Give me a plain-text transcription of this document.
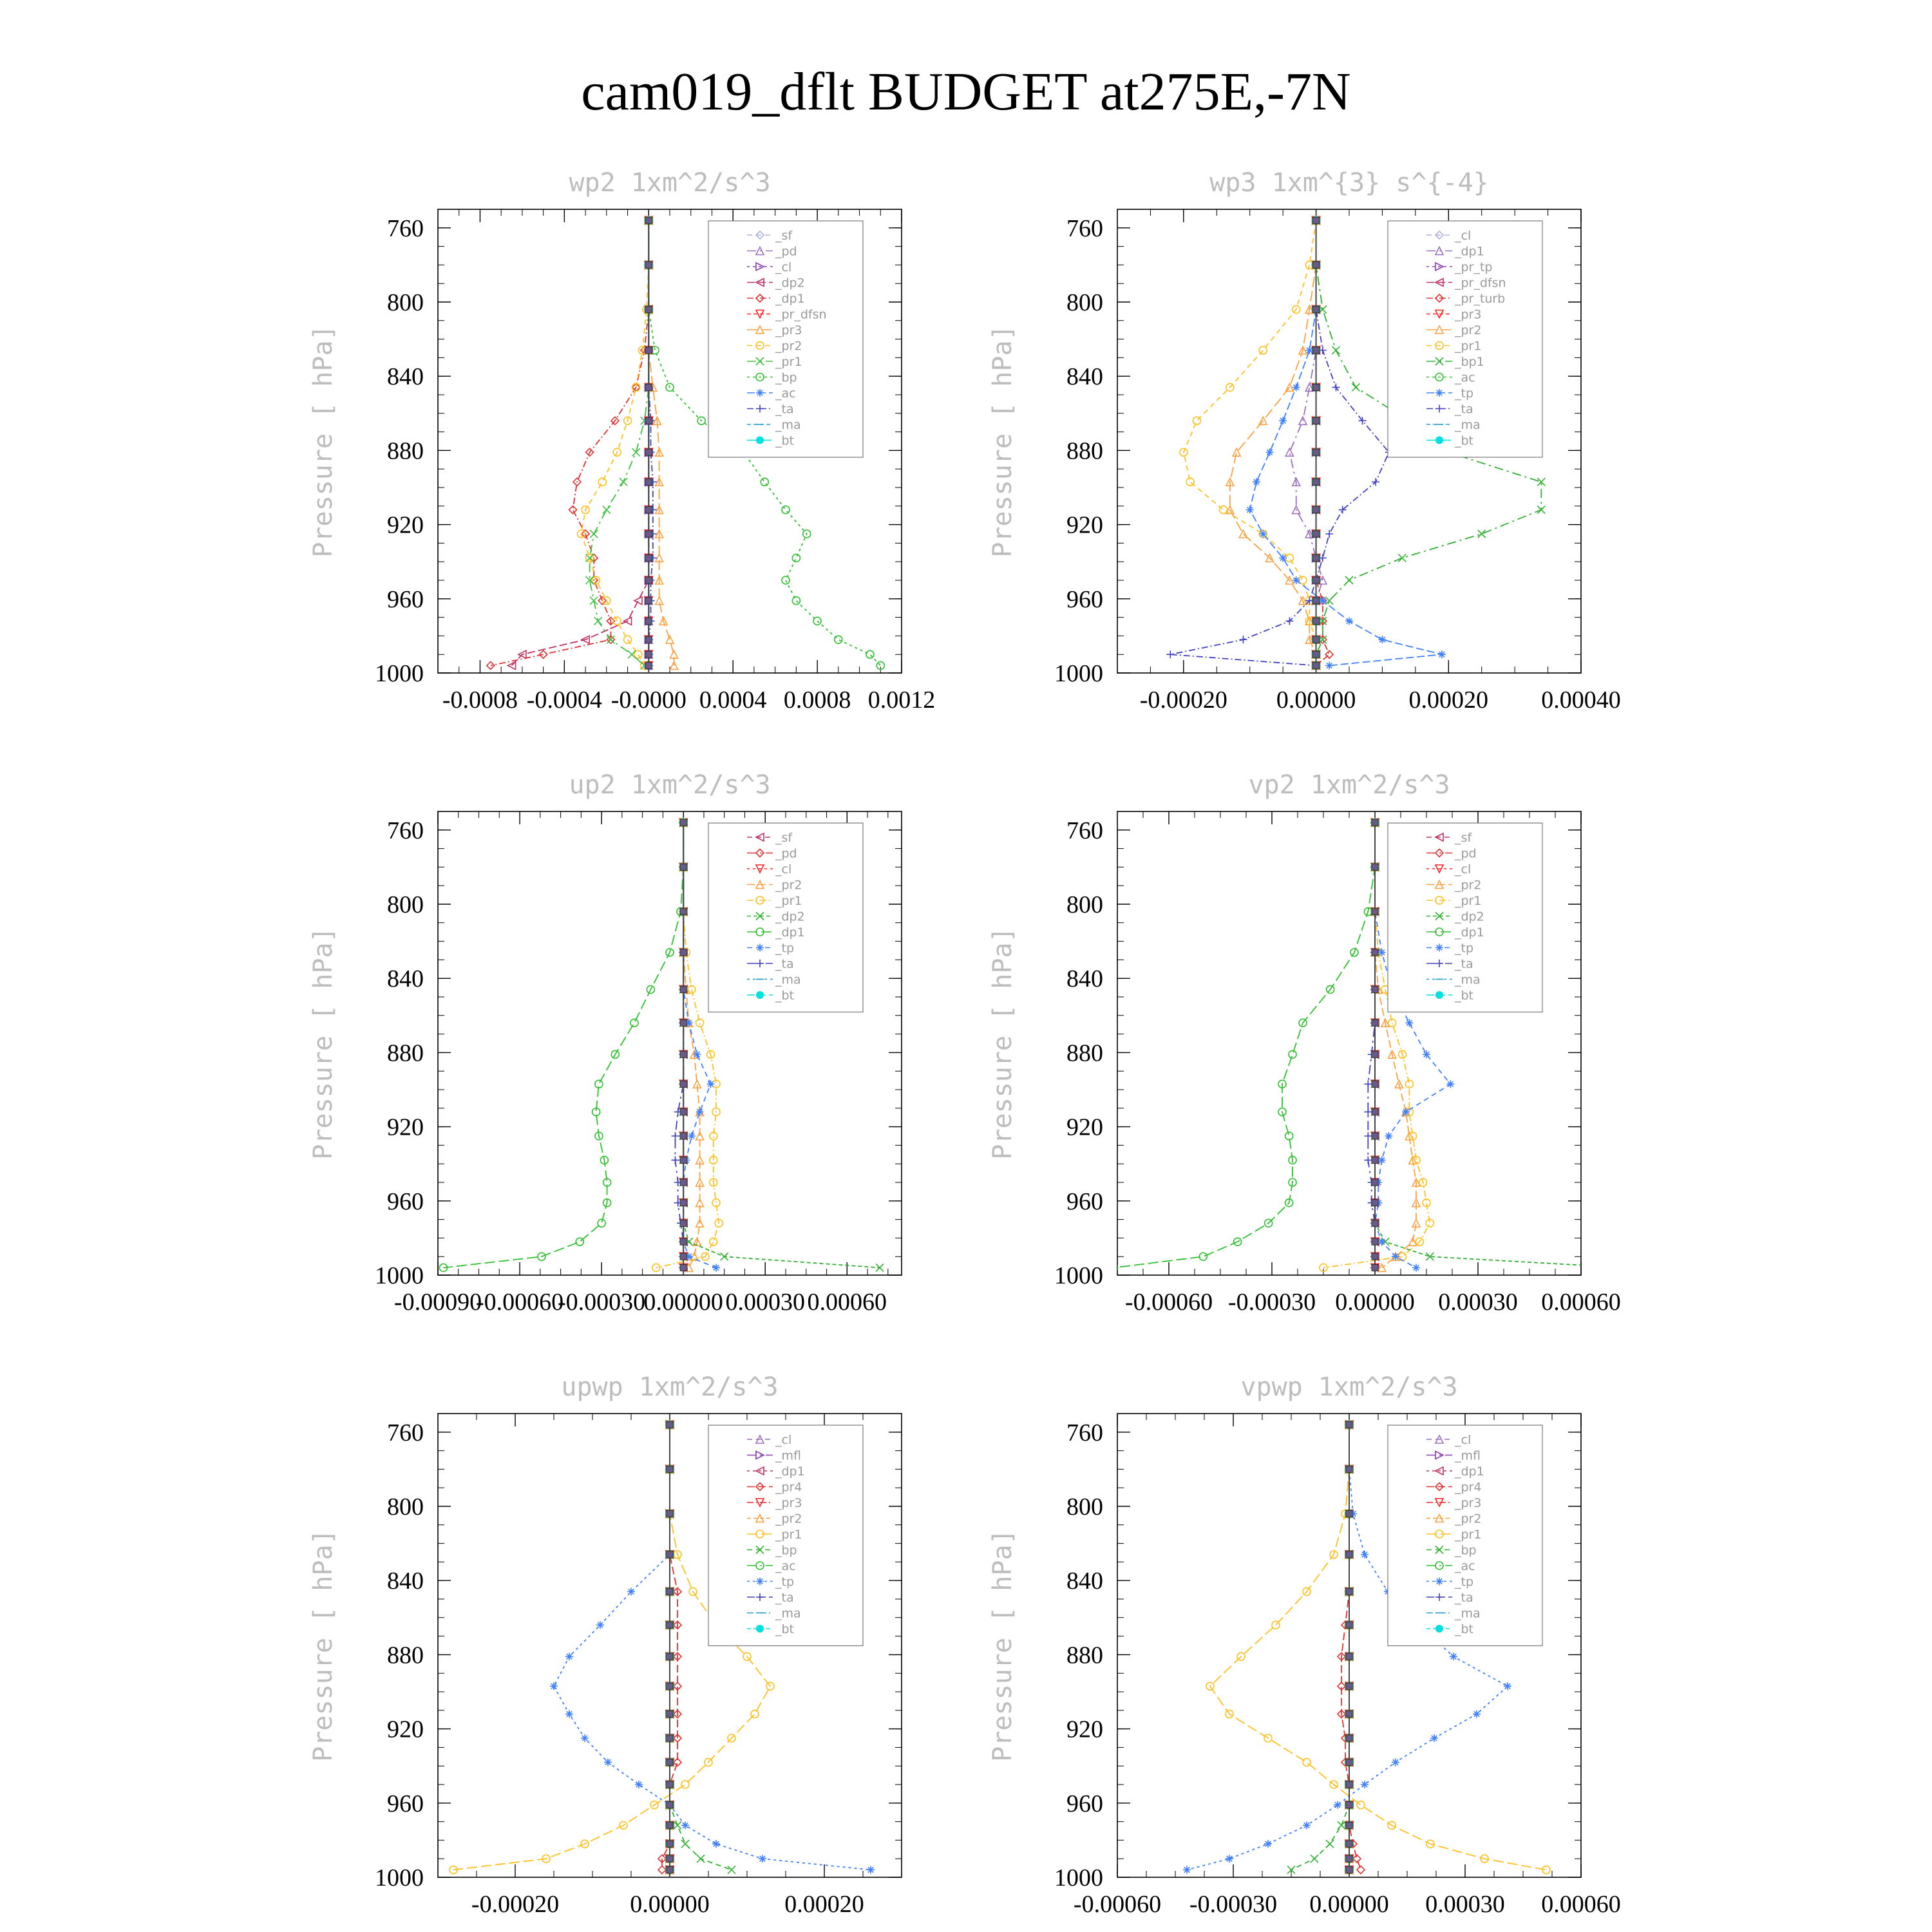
cam019_dflt BUDGET at275E,-7N
wp2 1xm^2/s^3
Pressure [ hPa]
760
800
840
880
920
960
1000
-0.0008 -0.0004 -0.0000 0.0004 0.0008 0.0012
_sf
_pd
_cl
_dp2
_dp1
_pr_dfsn
_pr3
_pr2
_pr1
_bp
_ac
_ta
_ma
_bt
wp3 1xm^{3} s^{-4}
Pressure [ hPa]
760
800
840
880
920
960
1000
-0.00020 0.00000 0.00020 0.00040
_cl
_dp1
_pr_tp
_pr_dfsn
_pr_turb
_pr3
_pr2
_pr1
_bp1
_ac
_tp
_ta
_ma
_bt
up2 1xm^2/s^3
Pressure [ hPa]
760
800
840
880
920
960
1000
-0.00090
-0.00060
-0.00030
0.00000 0.00030 0.00060
_sf
_pd
_cl
_pr2
_pr1
_dp2
_dp1
_tp
_ta
_ma
_bt
vp2 1xm^2/s^3
Pressure [ hPa]
760
800
840
880
920
960
1000
-0.00060 -0.00030 0.00000 0.00030 0.00060
_sf
_pd
_cl
_pr2
_pr1
_dp2
_dp1
_tp
_ta
_ma
_bt
upwp 1xm^2/s^3
Pressure [ hPa]
760
800
840
880
920
960
1000
-0.00020	0.00000	0.00020
_cl
_mfl
_dp1
_pr4
_pr3
_pr2
_pr1
_bp
_ac
_tp
_ta
_ma
_bt
vpwp 1xm^2/s^3
Pressure [ hPa]
760
800
840
880
920
960
1000
-0.00060 -0.00030 0.00000 0.00030 0.00060
_cl
_mfl
_dp1
_pr4
_pr3
_pr2
_pr1
_bp
_ac
_tp
_ta
_ma
_bt
